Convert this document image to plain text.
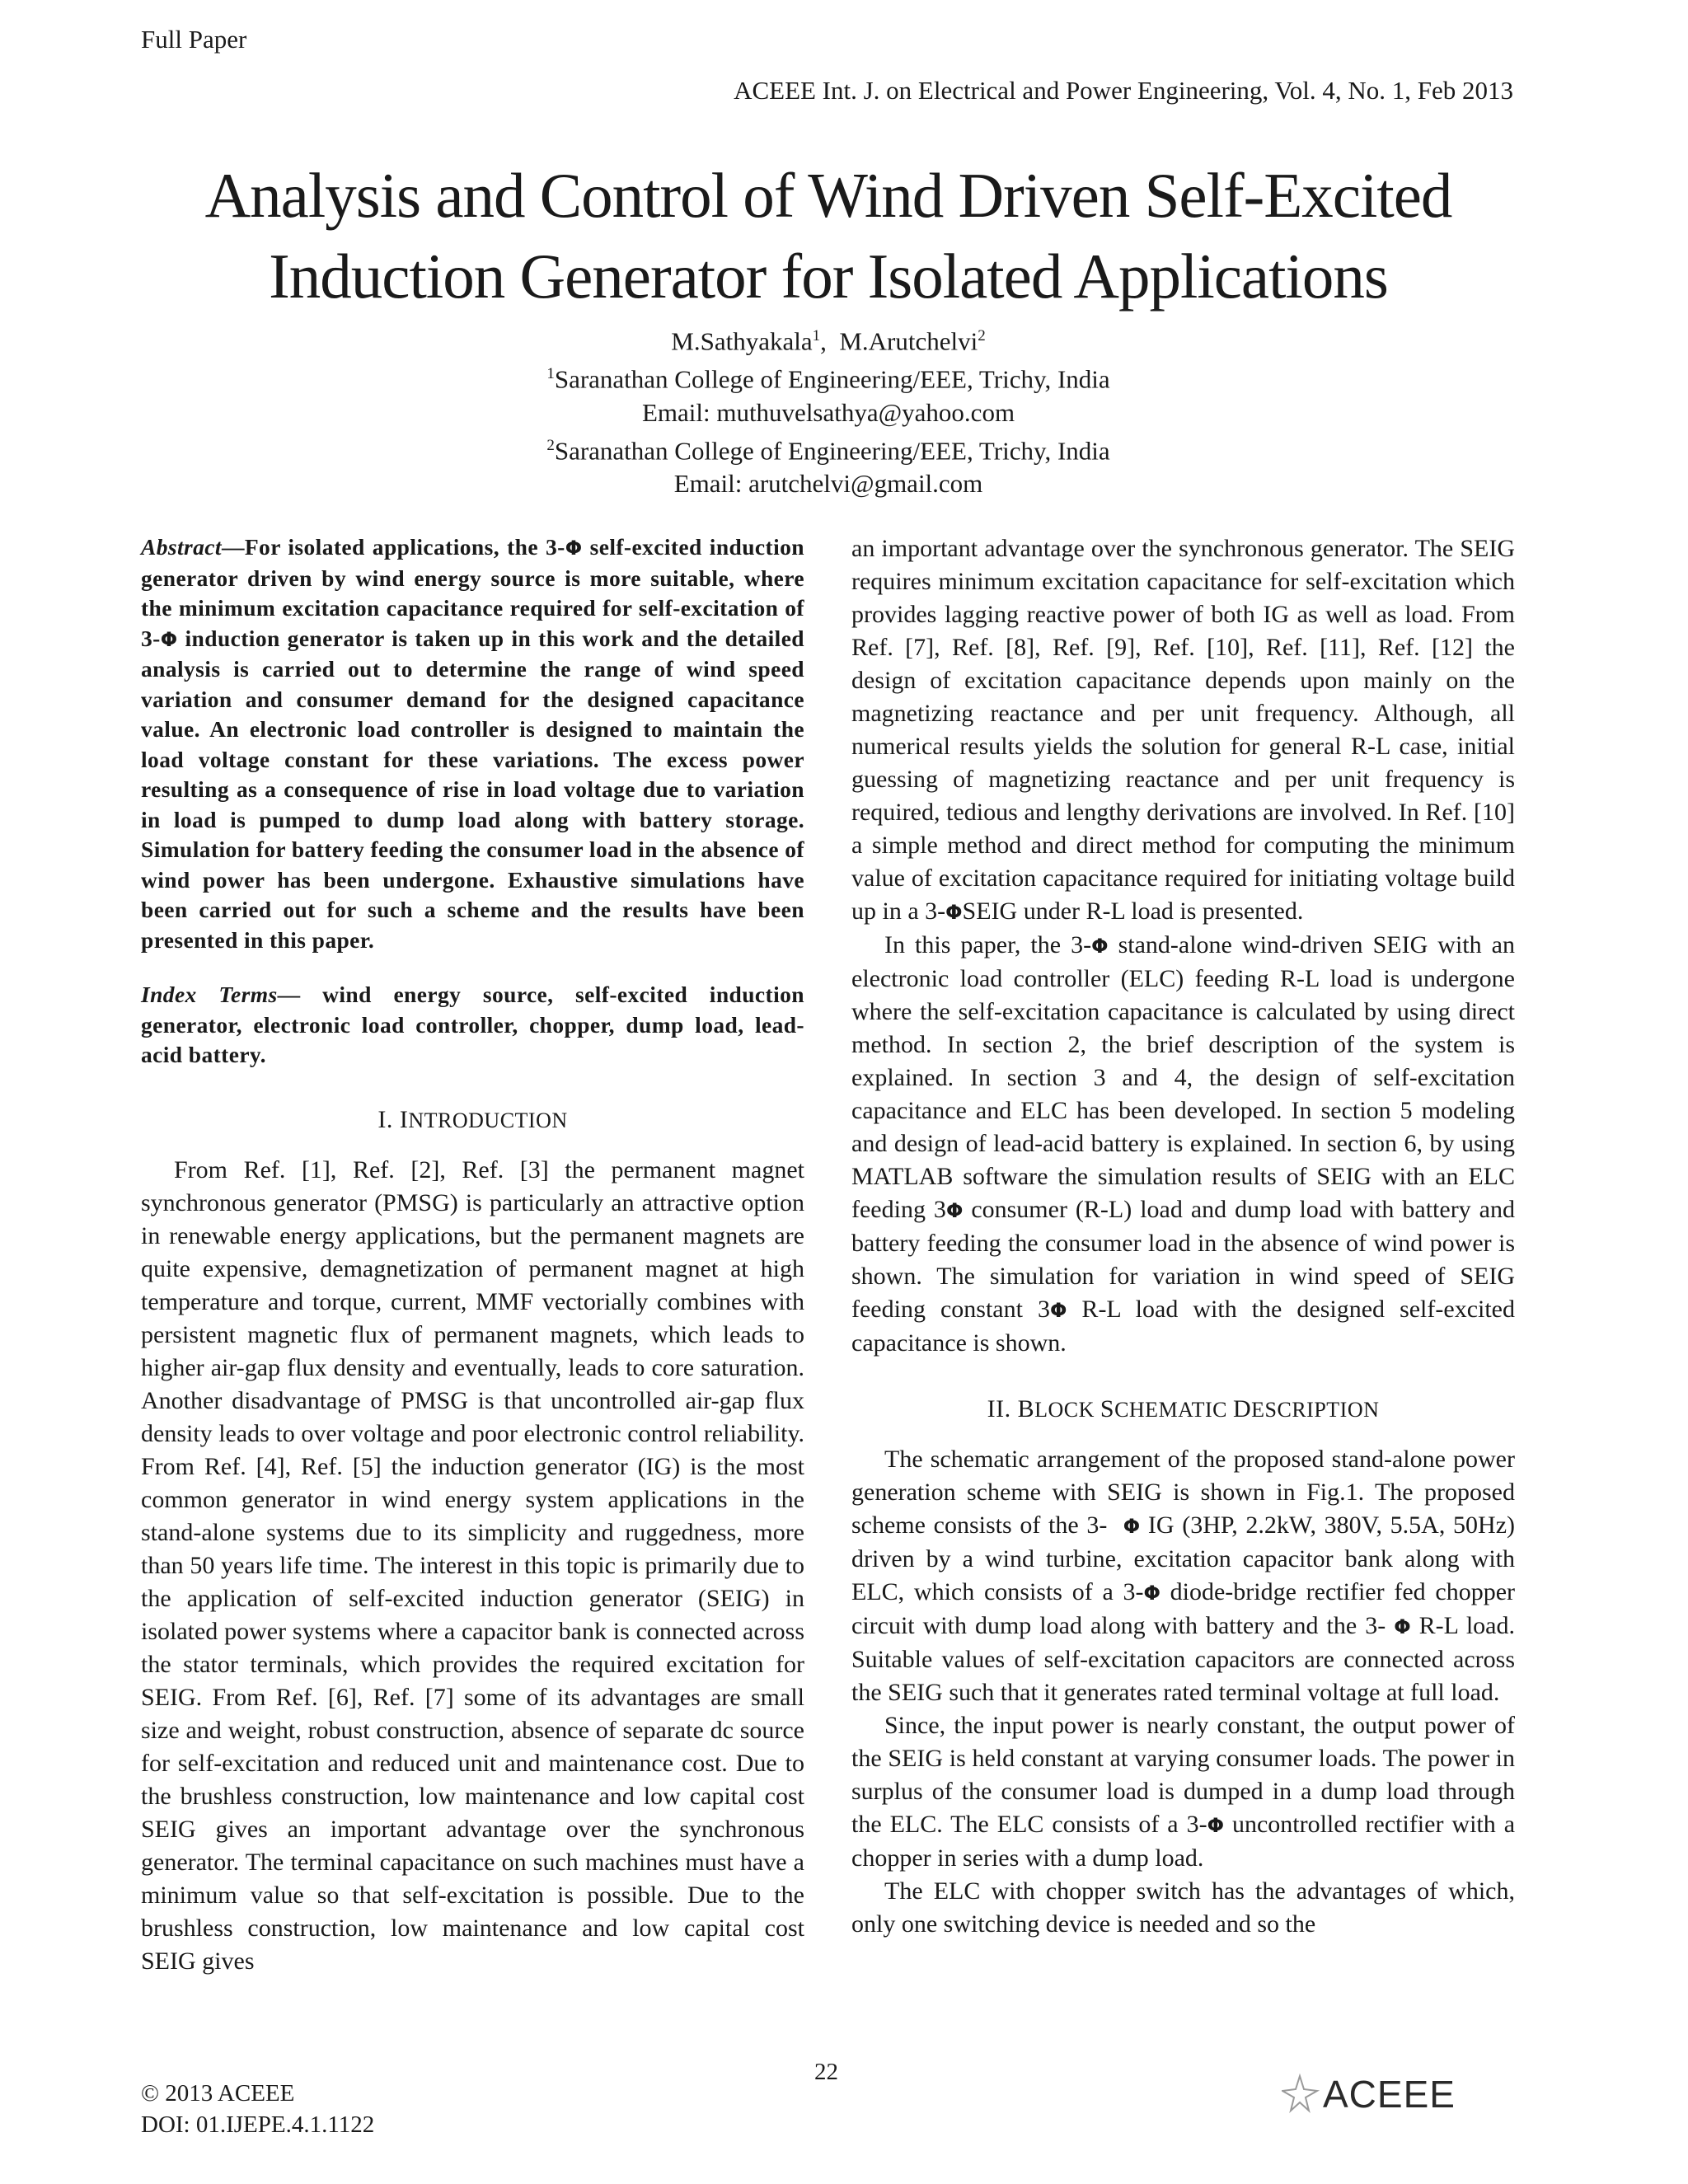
Full Paper
ACEEE Int. J. on Electrical and Power Engineering, Vol. 4, No. 1, Feb 2013
Analysis and Control of Wind Driven Self-Excited
Induction Generator for Isolated Applications
M.Sathyakala$^1$,  M.Arutchelvi$^2$
$^1$Saranathan College of Engineering/EEE, Trichy, India
Email: muthuvelsathya@yahoo.com
$^2$Saranathan College of Engineering/EEE, Trichy, India
Email: arutchelvi@gmail.com

Abstract—For isolated applications, the 3-Φ self-excited induction generator driven by wind energy source is more suitable, where the minimum excitation capacitance required for self-excitation of 3-Φ induction generator is taken up in this work and the detailed analysis is carried out to determine the range of wind speed variation and consumer demand for the designed capacitance value. An electronic load controller is designed to maintain the load voltage constant for these variations. The excess power resulting as a consequence of rise in load voltage due to variation in load is pumped to dump load along with battery storage. Simulation for battery feeding the consumer load in the absence of wind power has been undergone. Exhaustive simulations have been carried out for such a scheme and the results have been presented in this paper.

Index Terms— wind energy source, self-excited induction generator, electronic load controller, chopper, dump load, lead-acid battery.

I. INTRODUCTION

From Ref. [1], Ref. [2], Ref. [3] the permanent magnet synchronous generator (PMSG) is particularly an attractive option in renewable energy applications, but the permanent magnets are quite expensive, demagnetization of permanent magnet at high temperature and torque, current, MMF vectorially combines with persistent magnetic flux of permanent magnets, which leads to higher air-gap flux density and eventually, leads to core saturation. Another disadvantage of PMSG is that uncontrolled air-gap flux density leads to over voltage and poor electronic control reliability. From Ref. [4], Ref. [5] the induction generator (IG) is the most common generator in wind energy system applications in the stand-alone systems due to its simplicity and ruggedness, more than 50 years life time. The interest in this topic is primarily due to the application of self-excited induction generator (SEIG) in isolated power systems where a capacitor bank is connected across the stator terminals, which provides the required excitation for SEIG. From Ref. [6], Ref. [7] some of its advantages are small size and weight, robust construction, absence of separate dc source for self-excitation and reduced unit and maintenance cost. Due to the brushless construction, low maintenance and low capital cost SEIG gives an important advantage over the synchronous generator. The terminal capacitance on such machines must have a minimum value so that self-excitation is possible. Due to the brushless construction, low maintenance and low capital cost SEIG gives

an important advantage over the synchronous generator. The SEIG requires minimum excitation capacitance for self-excitation which provides lagging reactive power of both IG as well as load. From Ref. [7], Ref. [8], Ref. [9], Ref. [10], Ref. [11], Ref. [12] the design of excitation capacitance depends upon mainly on the magnetizing reactance and per unit frequency. Although, all numerical results yields the solution for general R-L case, initial guessing of magnetizing reactance and per unit frequency is required, tedious and lengthy derivations are involved. In Ref. [10] a simple method and direct method for computing the minimum value of excitation capacitance required for initiating voltage build up in a 3-ΦSEIG under R-L load is presented.

In this paper, the 3-Φ stand-alone wind-driven SEIG with an electronic load controller (ELC) feeding R-L load is undergone where the self-excitation capacitance is calculated by using direct method. In section 2, the brief description of the system is explained. In section 3 and 4, the design of self-excitation capacitance and ELC has been developed. In section 5 modeling and design of lead-acid battery is explained. In section 6, by using MATLAB software the simulation results of SEIG with an ELC feeding 3Φ consumer (R-L) load and dump load with battery and battery feeding the consumer load in the absence of wind power is shown. The simulation for variation in wind speed of SEIG feeding constant 3Φ R-L load with the designed self-excited capacitance is shown.

II. BLOCK SCHEMATIC DESCRIPTION

The schematic arrangement of the proposed stand-alone power generation scheme with SEIG is shown in Fig.1. The proposed scheme consists of the 3-  Φ IG (3HP, 2.2kW, 380V, 5.5A, 50Hz) driven by a wind turbine, excitation capacitor bank along with ELC, which consists of a 3-Φ diode-bridge rectifier fed chopper circuit with dump load along with battery and the 3- Φ R-L load. Suitable values of self-excitation capacitors are connected across the SEIG such that it generates rated terminal voltage at full load.

Since, the input power is nearly constant, the output power of the SEIG is held constant at varying consumer loads. The power in surplus of the consumer load is dumped in a dump load through the ELC. The ELC consists of a 3-Φ uncontrolled rectifier with a chopper in series with a dump load.

The ELC with chopper switch has the advantages of which, only one switching device is needed and so the

© 2013 ACEEE
DOI: 01.IJEPE.4.1.1122
22
ACEEE
